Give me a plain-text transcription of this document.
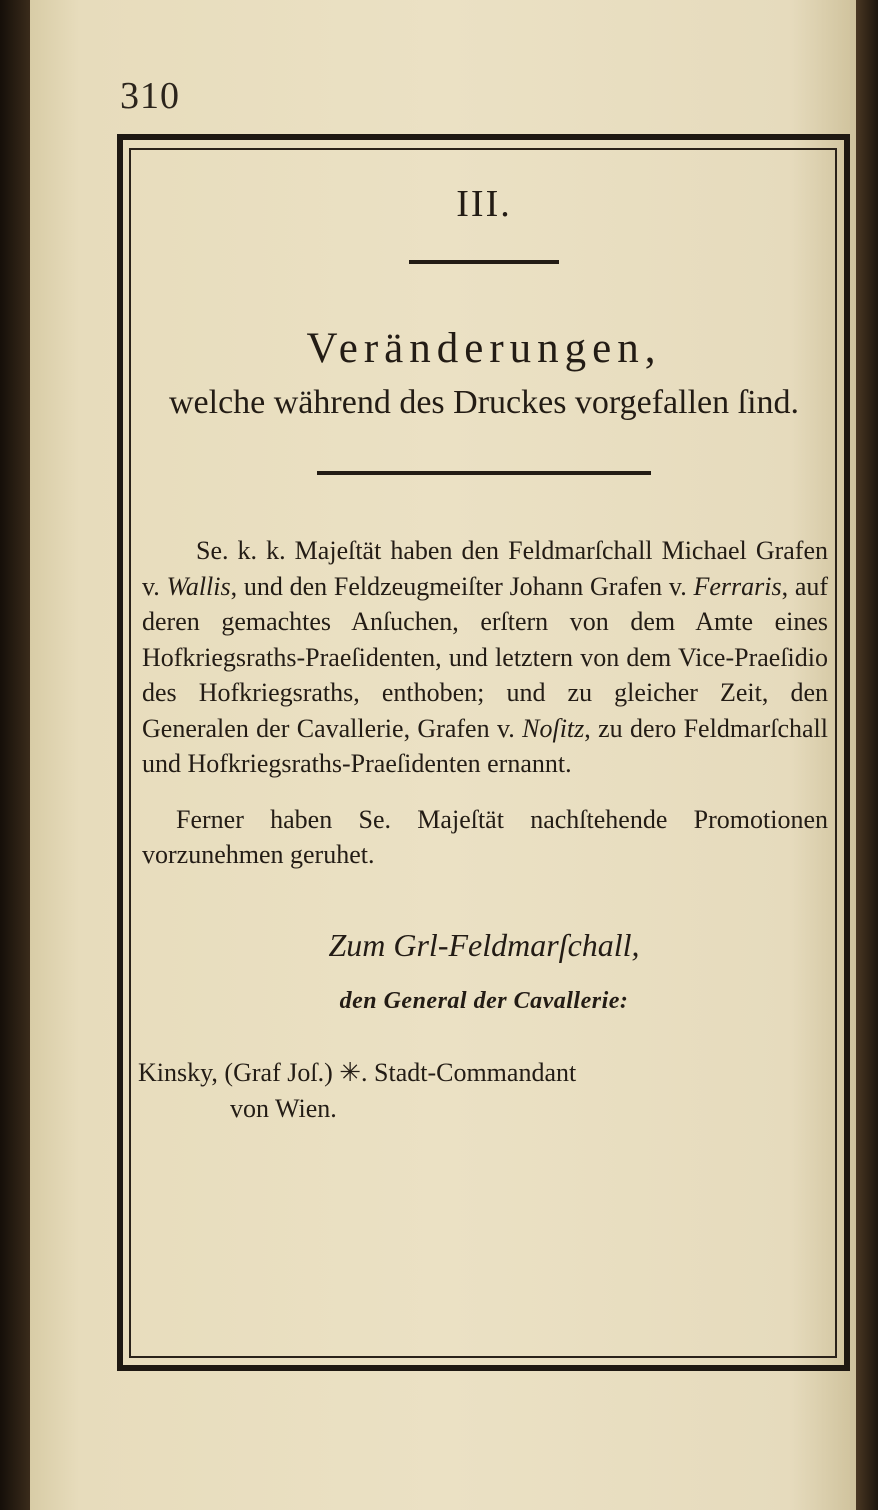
310
III.
Veränderungen,
welche während des Druckes vorgefallen ſind.

Se. k. k. Majeſtät haben den Feldmarſchall Michael Grafen v. Wallis, und den Feldzeugmeiſter Johann Grafen v. Ferraris, auf deren gemachtes Anſuchen, erſtern von dem Amte eines Hofkriegsraths-Praeſidenten, und letztern von dem Vice-Praeſidio des Hofkriegsraths, enthoben; und zu gleicher Zeit, den Generalen der Cavallerie, Grafen v. Noſitz, zu dero Feldmarſchall und Hofkriegsraths-Praeſidenten ernannt.

Ferner haben Se. Majeſtät nachſtehende Promotionen vorzunehmen geruhet.

Zum Grl-Feldmarſchall,
den General der Cavallerie:
Kinsky, (Graf Joſ.) ✳. Stadt-Commandant
von Wien.
